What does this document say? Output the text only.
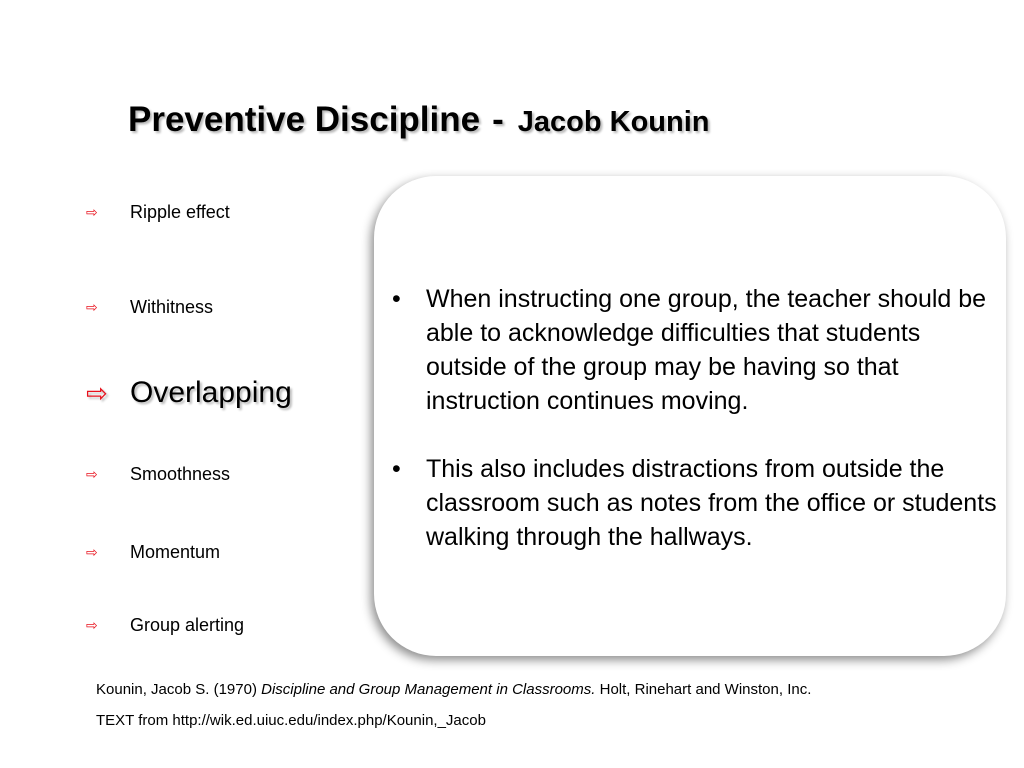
Preventive Discipline - Jacob Kounin
⇨ Ripple effect
⇨ Withitness
⇨ Overlapping
⇨ Smoothness
⇨ Momentum
⇨ Group alerting
• When instructing one group, the teacher should be able to acknowledge difficulties that students outside of the group may be having so that instruction continues moving.
• This also includes distractions from outside the classroom such as notes from the office or students walking through the hallways.
Kounin, Jacob S. (1970) Discipline and Group Management in Classrooms. Holt, Rinehart and Winston, Inc.
TEXT from http://wik.ed.uiuc.edu/index.php/Kounin,_Jacob
